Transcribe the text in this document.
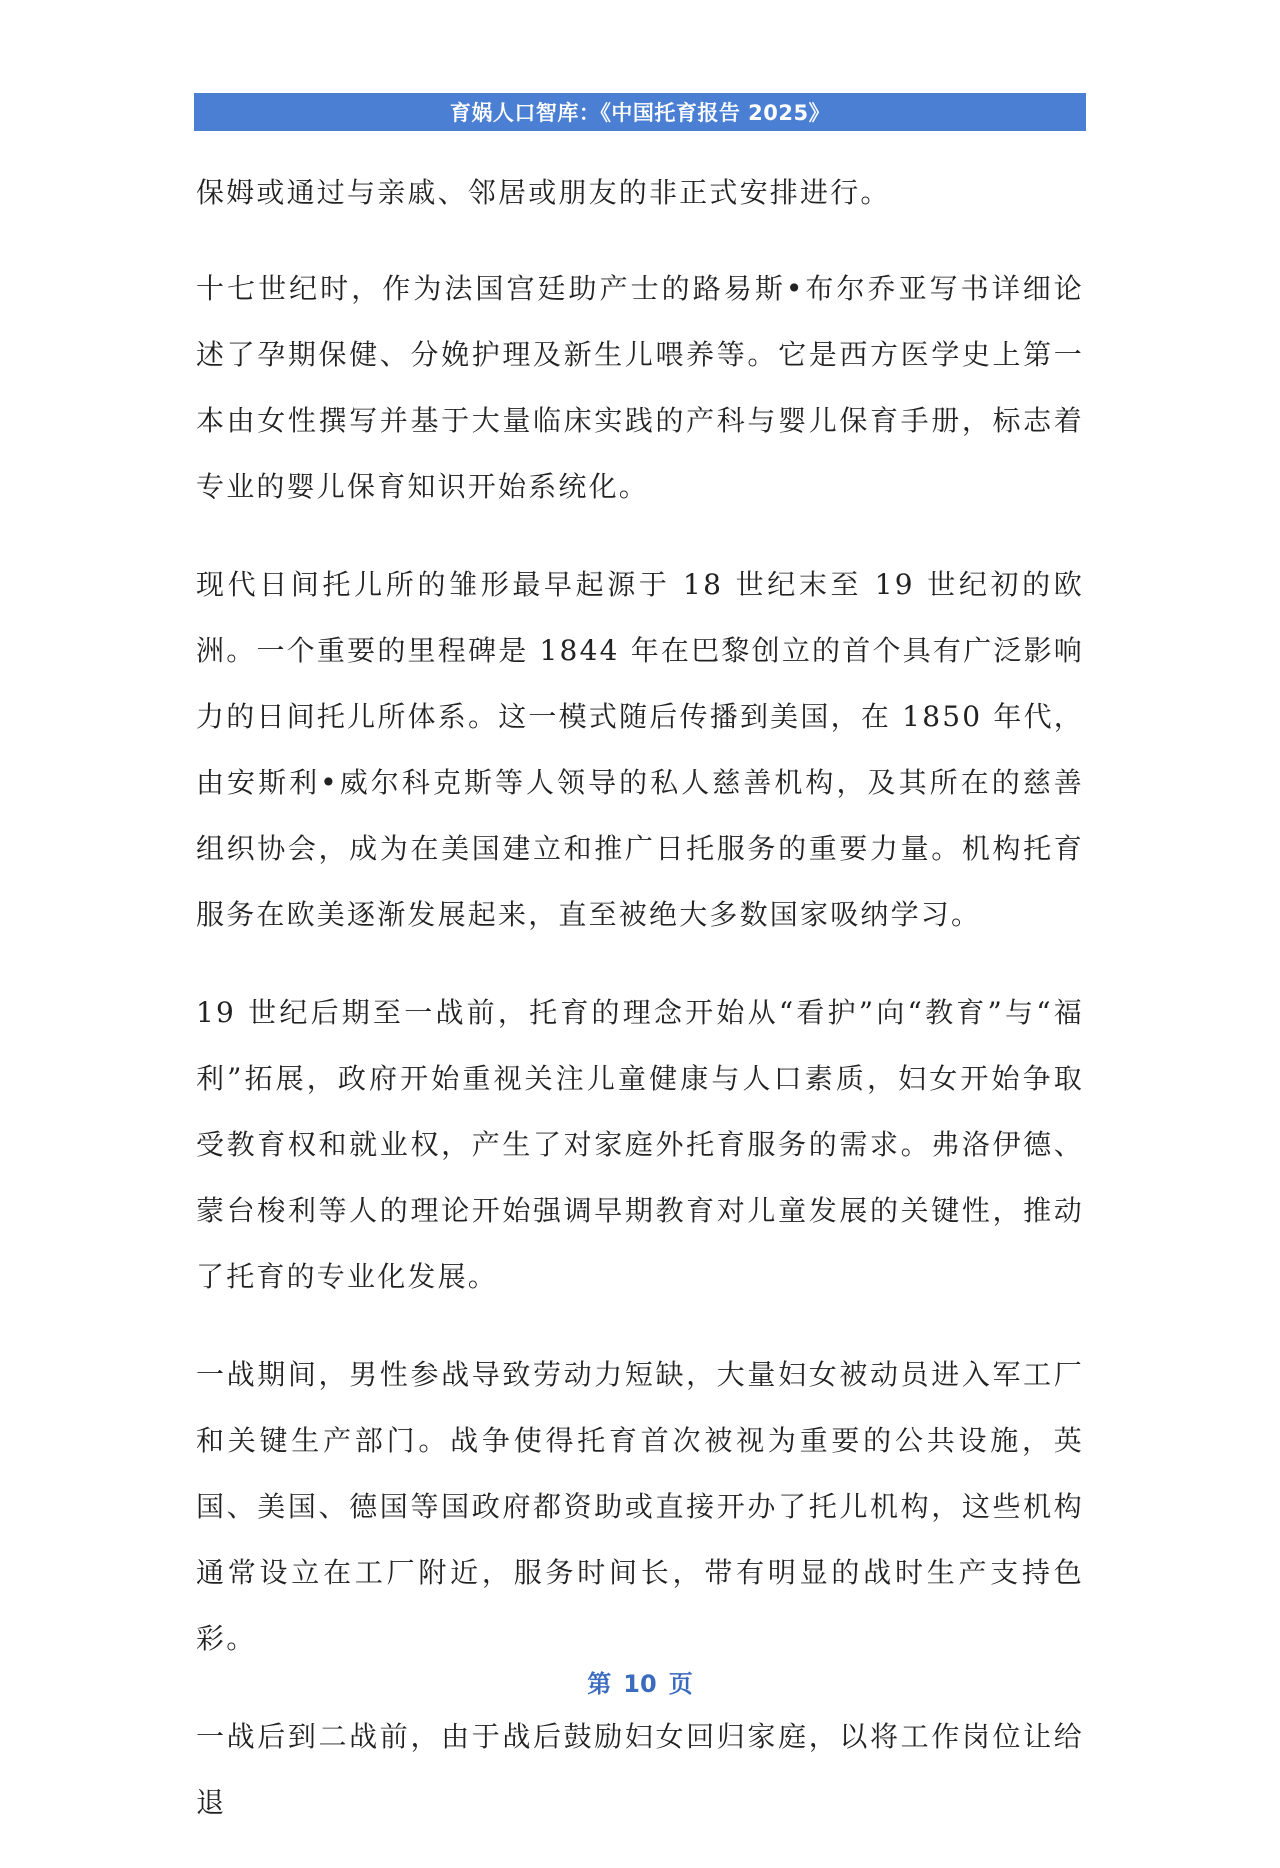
育娲人口智库：《中国托育报告 2025》

保姆或通过与亲戚、邻居或朋友的非正式安排进行。

十七世纪时，作为法国宫廷助产士的路易斯•布尔乔亚写书详细论述了孕期保健、分娩护理及新生儿喂养等。它是西方医学史上第一本由女性撰写并基于大量临床实践的产科与婴儿保育手册，标志着专业的婴儿保育知识开始系统化。

现代日间托儿所的雏形最早起源于 18 世纪末至 19 世纪初的欧洲。一个重要的里程碑是 1844 年在巴黎创立的首个具有广泛影响力的日间托儿所体系。这一模式随后传播到美国，在 1850 年代，由安斯利•威尔科克斯等人领导的私人慈善机构，及其所在的慈善组织协会，成为在美国建立和推广日托服务的重要力量。机构托育服务在欧美逐渐发展起来，直至被绝大多数国家吸纳学习。

19 世纪后期至一战前，托育的理念开始从“看护”向“教育”与“福利”拓展，政府开始重视关注儿童健康与人口素质，妇女开始争取受教育权和就业权，产生了对家庭外托育服务的需求。弗洛伊德、蒙台梭利等人的理论开始强调早期教育对儿童发展的关键性，推动了托育的专业化发展。

一战期间，男性参战导致劳动力短缺，大量妇女被动员进入军工厂和关键生产部门。战争使得托育首次被视为重要的公共设施，英国、美国、德国等国政府都资助或直接开办了托儿机构，这些机构通常设立在工厂附近，服务时间长，带有明显的战时生产支持色彩。

一战后到二战前，由于战后鼓励妇女回归家庭，以将工作岗位让给退

第 10 页
